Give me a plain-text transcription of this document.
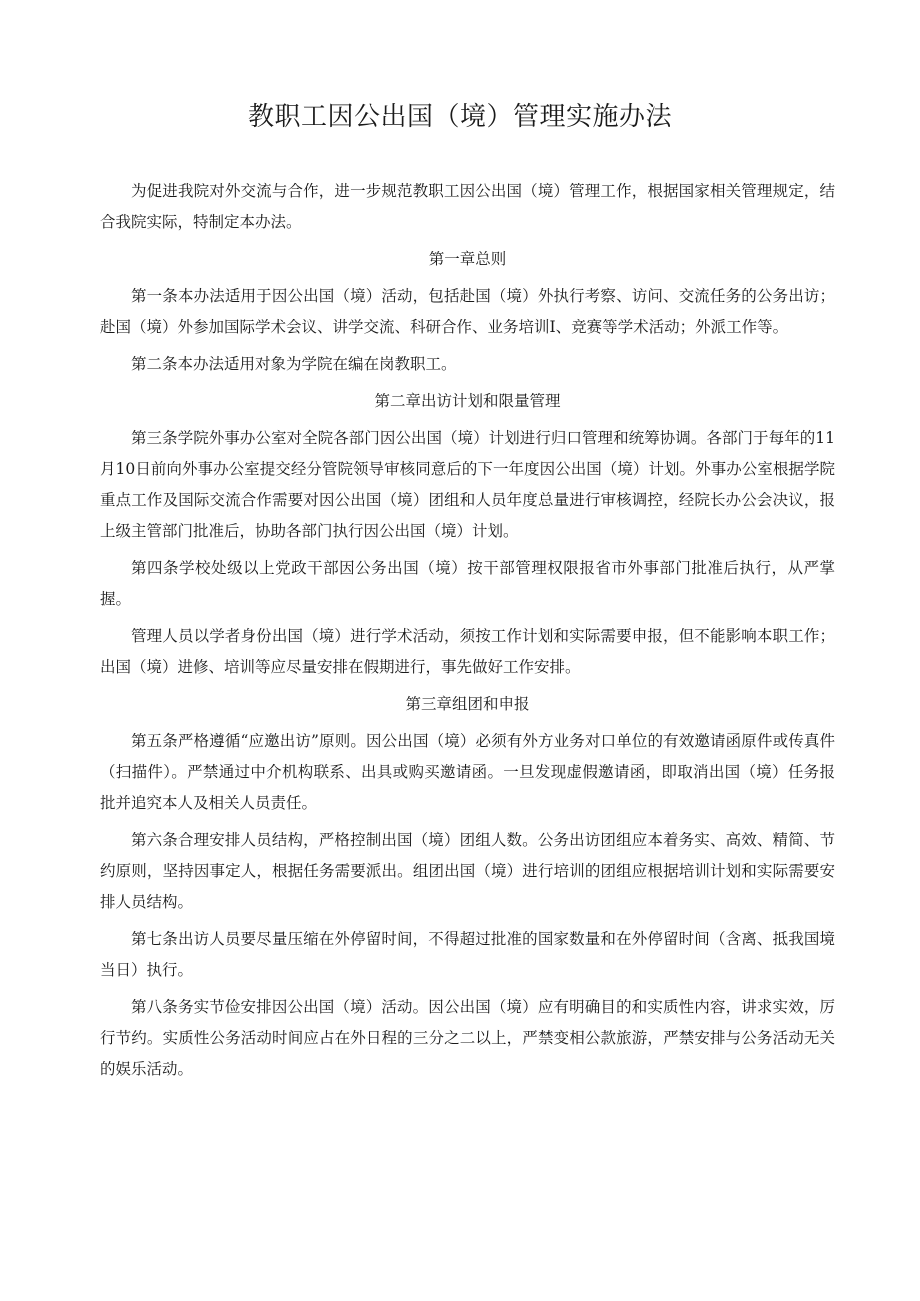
教职工因公出国（境）管理实施办法

为促进我院对外交流与合作，进一步规范教职工因公出国（境）管理工作，根据国家相关管理规定，结合我院实际，特制定本办法。

第一章总则

第一条本办法适用于因公出国（境）活动，包括赴国（境）外执行考察、访问、交流任务的公务出访；赴国（境）外参加国际学术会议、讲学交流、科研合作、业务培训I、竞赛等学术活动；外派工作等。

第二条本办法适用对象为学院在编在岗教职工。

第二章出访计划和限量管理

第三条学院外事办公室对全院各部门因公出国（境）计划进行归口管理和统筹协调。各部门于每年的11月10日前向外事办公室提交经分管院领导审核同意后的下一年度因公出国（境）计划。外事办公室根据学院重点工作及国际交流合作需要对因公出国（境）团组和人员年度总量进行审核调控，经院长办公会决议，报上级主管部门批准后，协助各部门执行因公出国（境）计划。

第四条学校处级以上党政干部因公务出国（境）按干部管理权限报省市外事部门批准后执行，从严掌握。

管理人员以学者身份出国（境）进行学术活动，须按工作计划和实际需要申报，但不能影响本职工作；出国（境）进修、培训等应尽量安排在假期进行，事先做好工作安排。

第三章组团和申报

第五条严格遵循“应邀出访”原则。因公出国（境）必须有外方业务对口单位的有效邀请函原件或传真件（扫描件）。严禁通过中介机构联系、出具或购买邀请函。一旦发现虚假邀请函，即取消出国（境）任务报批并追究本人及相关人员责任。

第六条合理安排人员结构，严格控制出国（境）团组人数。公务出访团组应本着务实、高效、精简、节约原则，坚持因事定人，根据任务需要派出。组团出国（境）进行培训的团组应根据培训计划和实际需要安排人员结构。

第七条出访人员要尽量压缩在外停留时间，不得超过批准的国家数量和在外停留时间（含离、抵我国境当日）执行。

第八条务实节俭安排因公出国（境）活动。因公出国（境）应有明确目的和实质性内容，讲求实效，厉行节约。实质性公务活动时间应占在外日程的三分之二以上，严禁变相公款旅游，严禁安排与公务活动无关的娱乐活动。
